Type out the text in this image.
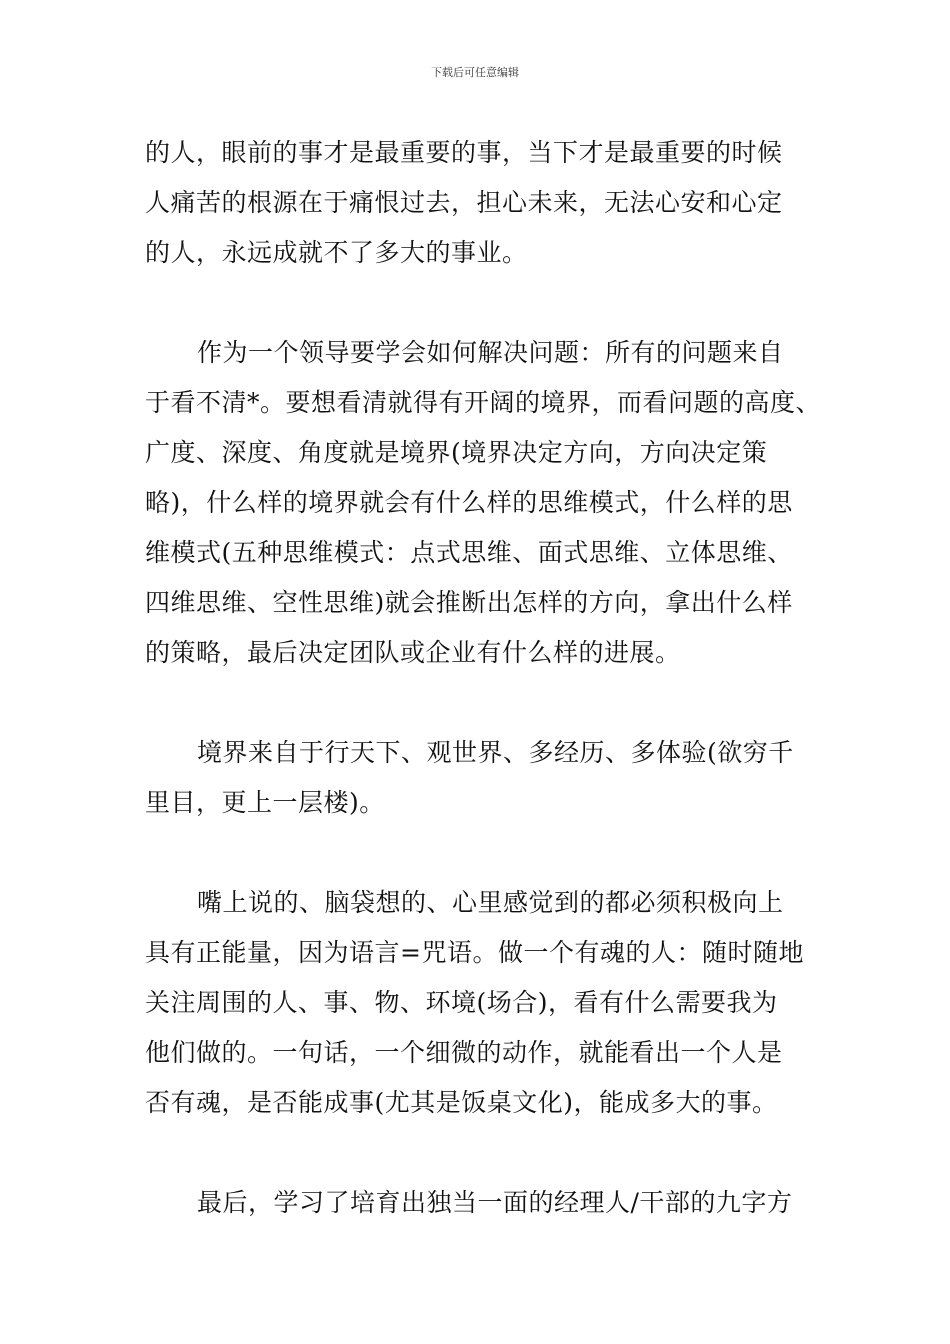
下载后可任意编辑
的人，眼前的事才是最重要的事，当下才是最重要的时候
人痛苦的根源在于痛恨过去，担心未来，无法心安和心定
的人，永远成就不了多大的事业。
作为一个领导要学会如何解决问题：所有的问题来自
于看不清*。要想看清就得有开阔的境界，而看问题的高度、
广度、深度、角度就是境界(境界决定方向，方向决定策
略)，什么样的境界就会有什么样的思维模式，什么样的思
维模式(五种思维模式：点式思维、面式思维、立体思维、
四维思维、空性思维)就会推断出怎样的方向，拿出什么样
的策略，最后决定团队或企业有什么样的进展。
境界来自于行天下、观世界、多经历、多体验(欲穷千
里目，更上一层楼)。
嘴上说的、脑袋想的、心里感觉到的都必须积极向上
具有正能量，因为语言=咒语。做一个有魂的人：随时随地
关注周围的人、事、物、环境(场合)，看有什么需要我为
他们做的。一句话，一个细微的动作，就能看出一个人是
否有魂，是否能成事(尤其是饭桌文化)，能成多大的事。
最后，学习了培育出独当一面的经理人/干部的九字方
